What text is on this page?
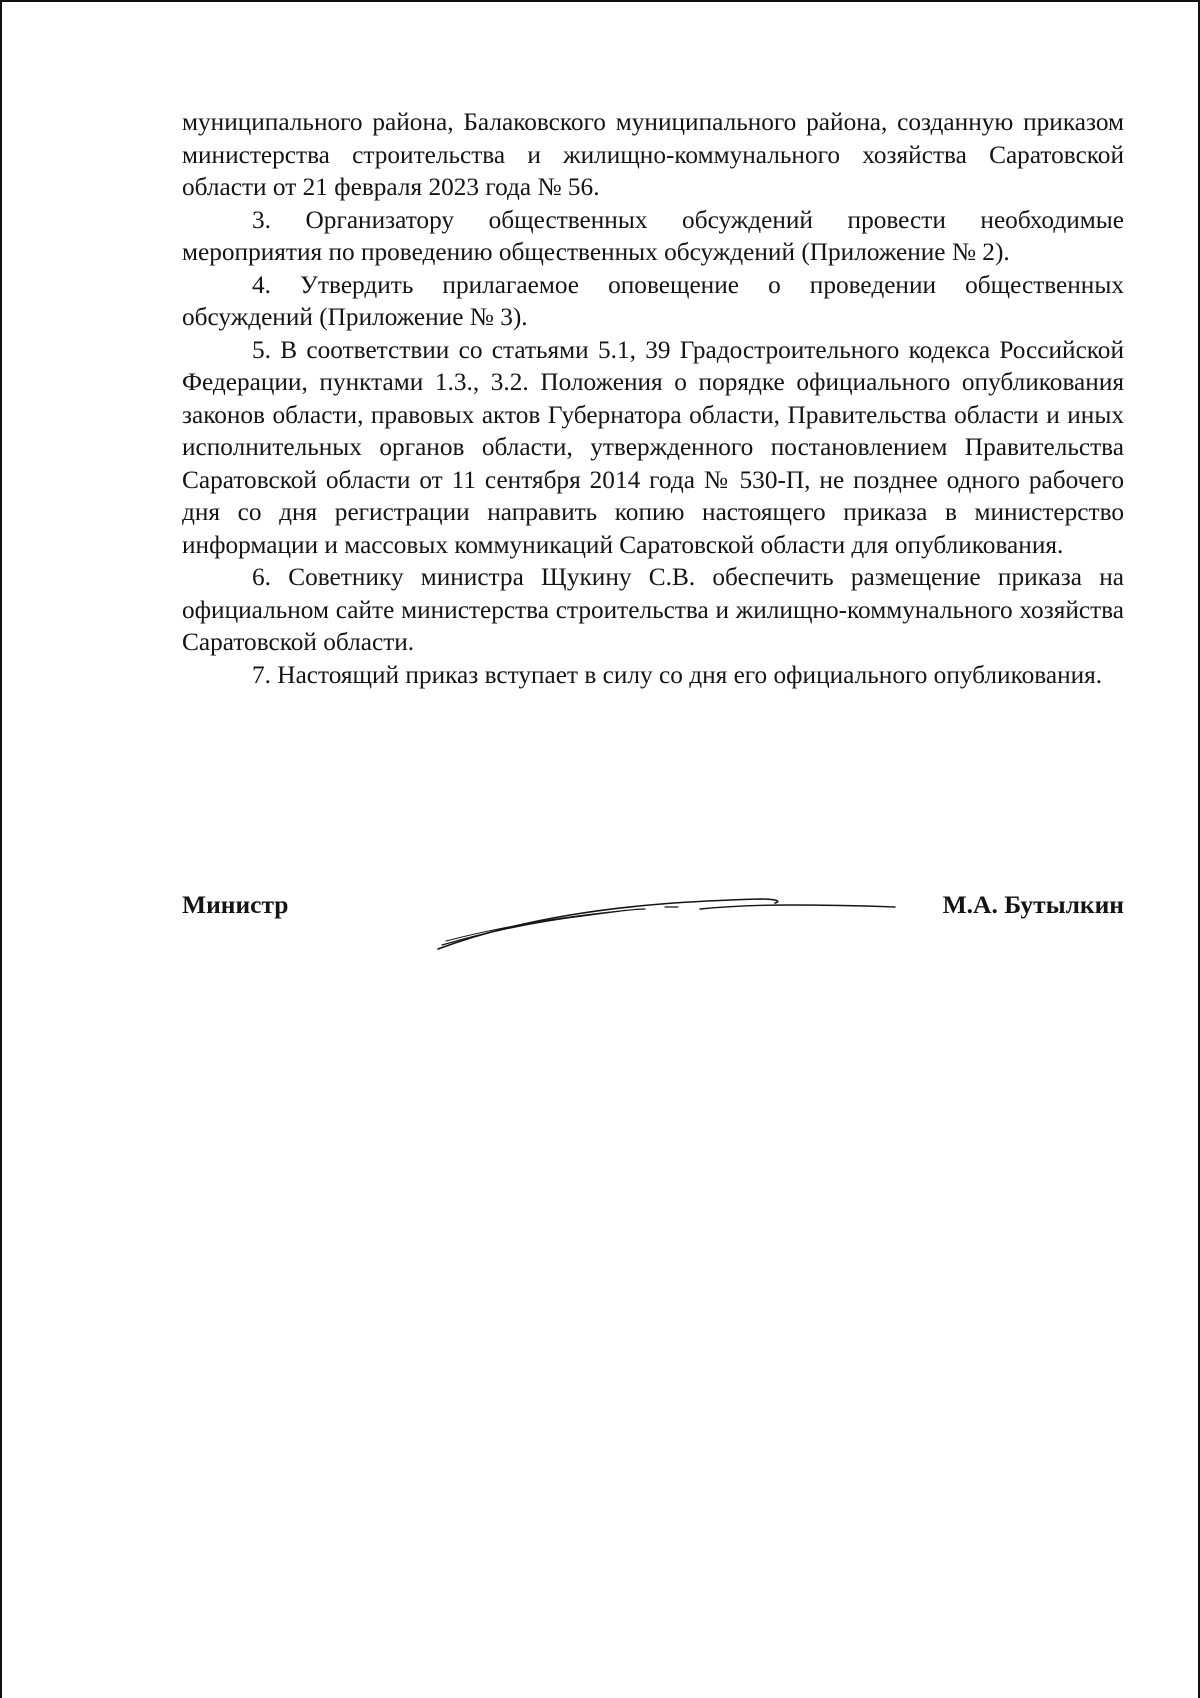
муниципального района, Балаковского муниципального района, созданную приказом министерства строительства и жилищно-коммунального хозяйства Саратовской области от 21 февраля 2023 года № 56.

3. Организатору общественных обсуждений провести необходимые мероприятия по проведению общественных обсуждений (Приложение № 2).

4. Утвердить прилагаемое оповещение о проведении общественных обсуждений (Приложение № 3).

5. В соответствии со статьями 5.1, 39 Градостроительного кодекса Российской Федерации, пунктами 1.3., 3.2. Положения о порядке официального опубликования законов области, правовых актов Губернатора области, Правительства области и иных исполнительных органов области, утвержденного постановлением Правительства Саратовской области от 11 сентября 2014 года № 530-П, не позднее одного рабочего дня со дня регистрации направить копию настоящего приказа в министерство информации и массовых коммуникаций Саратовской области для опубликования.

6. Советнику министра Щукину С.В. обеспечить размещение приказа на официальном сайте министерства строительства и жилищно-коммунального хозяйства Саратовской области.

7. Настоящий приказ вступает в силу со дня его официального опубликования.

Министр	М.А. Бутылкин
